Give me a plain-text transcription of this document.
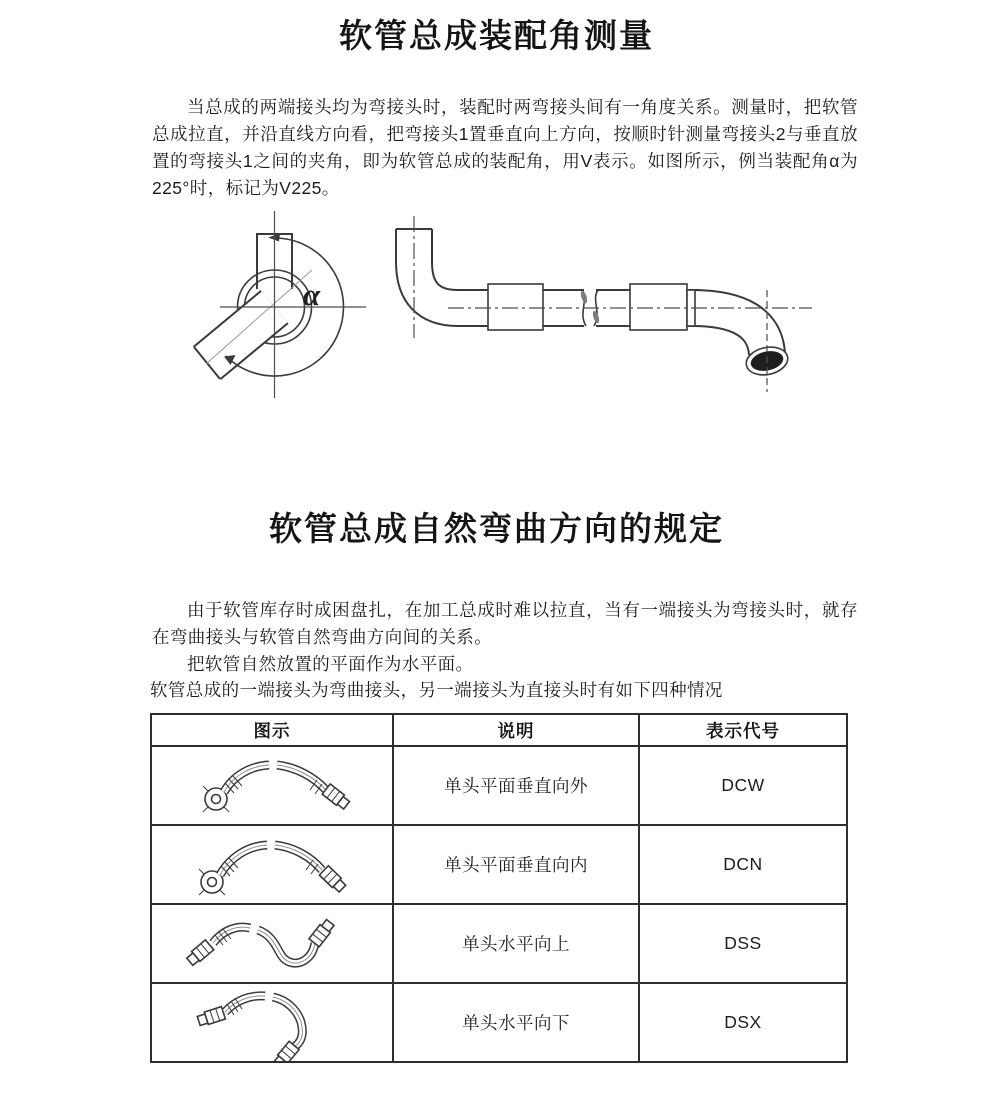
软管总成装配角测量

当总成的两端接头均为弯接头时，装配时两弯接头间有一角度关系。测量时，把软管总成拉直，并沿直线方向看，把弯接头1置垂直向上方向，按顺时针测量弯接头2与垂直放置的弯接头1之间的夹角，即为软管总成的装配角，用V表示。如图所示，例当装配角α为225°时，标记为V225。

α
软管总成自然弯曲方向的规定

由于软管库存时成困盘扎，在加工总成时难以拉直，当有一端接头为弯接头时，就存在弯曲接头与软管自然弯曲方向间的关系。

把软管自然放置的平面作为水平面。

软管总成的一端接头为弯曲接头，另一端接头为直接头时有如下四种情况
图示	说明	表示代号

	单头平面垂直向外	DCW

	单头平面垂直向内	DCN

	单头水平向上	DSS

	单头水平向下	DSX
